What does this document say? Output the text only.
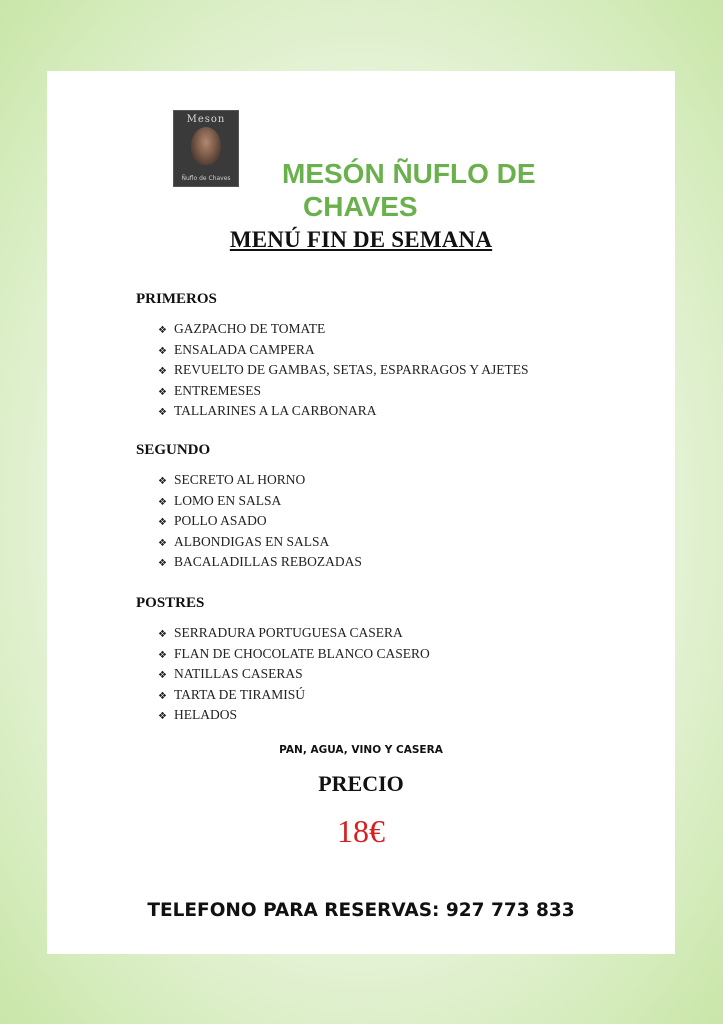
Meson
Ñuflo de Chaves	MESÓN ÑUFLO DE
CHAVES
MENÚ FIN DE SEMANA
PRIMEROS
❖ GAZPACHO DE TOMATE
❖ ENSALADA CAMPERA
❖ REVUELTO DE GAMBAS, SETAS, ESPARRAGOS Y AJETES
❖ ENTREMESES
❖ TALLARINES A LA CARBONARA
SEGUNDO
❖ SECRETO AL HORNO
❖ LOMO EN SALSA
❖ POLLO ASADO
❖ ALBONDIGAS EN SALSA
❖ BACALADILLAS REBOZADAS
POSTRES
❖ SERRADURA PORTUGUESA CASERA
❖ FLAN DE CHOCOLATE BLANCO CASERO
❖ NATILLAS CASERAS
❖ TARTA DE TIRAMISÚ
❖ HELADOS
PAN, AGUA, VINO Y CASERA
PRECIO
18€
TELEFONO PARA RESERVAS: 927 773 833
